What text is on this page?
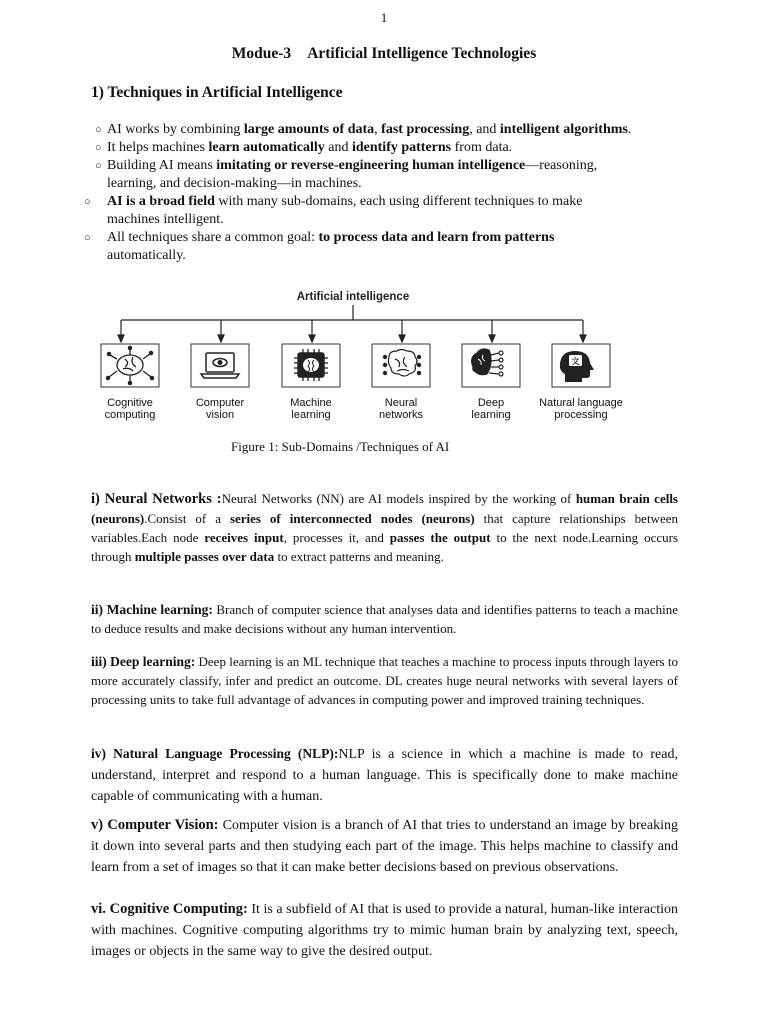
1
Modue-3 Artificial Intelligence Technologies
1) Techniques in Artificial Intelligence
○ AI works by combining large amounts of data, fast processing, and intelligent algorithms.
○ It helps machines learn automatically and identify patterns from data.
○ Building AI means imitating or reverse-engineering human intelligence—reasoning,
learning, and decision-making—in machines.
○	AI is a broad field with many sub-domains, each using different techniques to make
machines intelligent.
○	All techniques share a common goal: to process data and learn from patterns
automatically.
Artificial intelligence
文
Cognitive
computing
Computer
vision
Machine
learning
Neural
networks
Deep
learning
Natural language
processing
Figure 1: Sub-Domains /Techniques of AI
i) Neural Networks :Neural Networks (NN) are AI models inspired by the working of human brain cells (neurons).Consist of a series of interconnected nodes (neurons) that capture relationships between variables.Each node receives input, processes it, and passes the output to the next node.Learning occurs through multiple passes over data to extract patterns and meaning.
ii) Machine learning: Branch of computer science that analyses data and identifies patterns to teach a machine to deduce results and make decisions without any human intervention.
iii) Deep learning: Deep learning is an ML technique that teaches a machine to process inputs through layers to more accurately classify, infer and predict an outcome. DL creates huge neural networks with several layers of processing units to take full advantage of advances in computing power and improved training techniques.
iv) Natural Language Processing (NLP):NLP is a science in which a machine is made to read, understand, interpret and respond to a human language. This is specifically done to make machine capable of communicating with a human.
v) Computer Vision: Computer vision is a branch of AI that tries to understand an image by breaking it down into several parts and then studying each part of the image. This helps machine to classify and learn from a set of images so that it can make better decisions based on previous observations.
vi. Cognitive Computing: It is a subfield of AI that is used to provide a natural, human-like interaction with machines. Cognitive computing algorithms try to mimic human brain by analyzing text, speech, images or objects in the same way to give the desired output.
